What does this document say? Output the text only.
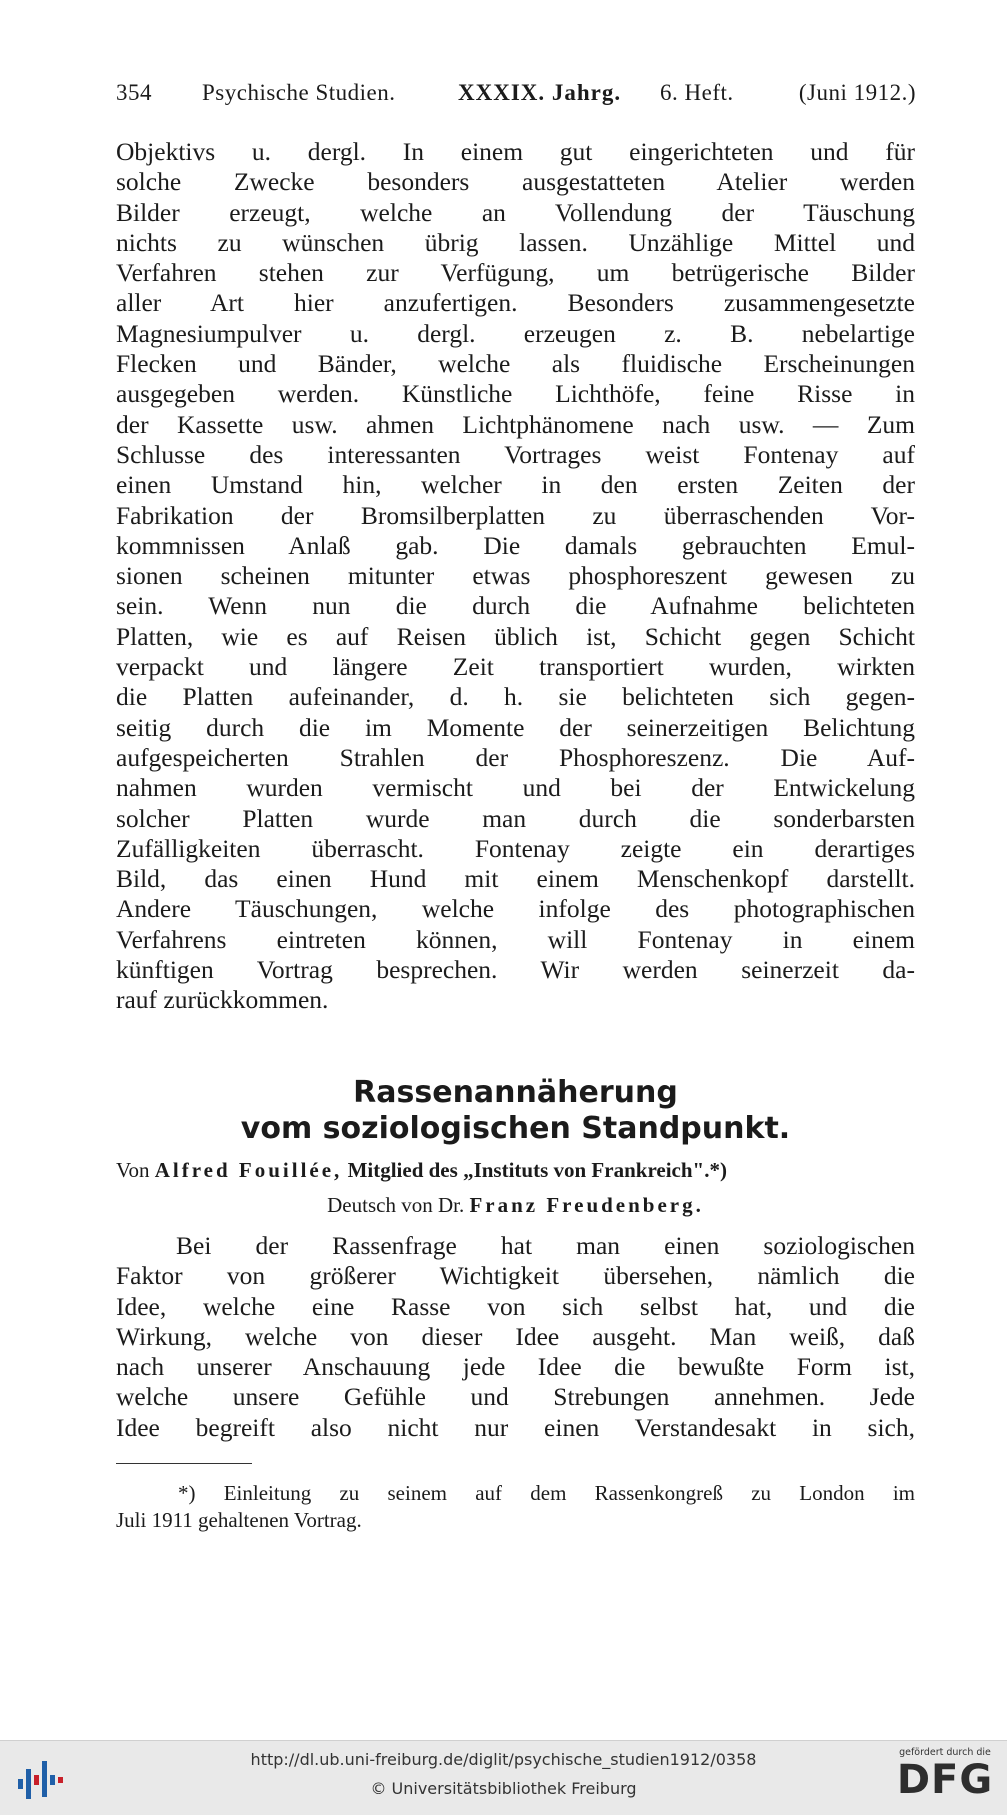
354 Psychische Studien.	XXXIX. Jahrg. 6. Heft.	(Juni 1912.)
Objektivs u. dergl. In einem gut eingerichteten und für
solche Zwecke besonders ausgestatteten Atelier werden
Bilder erzeugt, welche an Vollendung der Täuschung
nichts zu wünschen übrig lassen. Unzählige Mittel und
Verfahren stehen zur Verfügung, um betrügerische Bilder
aller Art hier anzufertigen. Besonders zusammengesetzte
Magnesiumpulver u. dergl. erzeugen z. B. nebelartige
Flecken und Bänder, welche als fluidische Erscheinungen
ausgegeben werden. Künstliche Lichthöfe, feine Risse in
der Kassette usw. ahmen Lichtphänomene nach usw. — Zum
Schlusse des interessanten Vortrages weist Fontenay auf
einen Umstand hin, welcher in den ersten Zeiten der
Fabrikation der Bromsilberplatten zu überraschenden Vor-
kommnissen Anlaß gab. Die damals gebrauchten Emul-
sionen scheinen mitunter etwas phosphoreszent gewesen zu
sein. Wenn nun die durch die Aufnahme belichteten
Platten, wie es auf Reisen üblich ist, Schicht gegen Schicht
verpackt und längere Zeit transportiert wurden, wirkten
die Platten aufeinander, d. h. sie belichteten sich gegen-
seitig durch die im Momente der seinerzeitigen Belichtung
aufgespeicherten Strahlen der Phosphoreszenz. Die Auf-
nahmen wurden vermischt und bei der Entwickelung
solcher Platten wurde man durch die sonderbarsten
Zufälligkeiten überrascht. Fontenay zeigte ein derartiges
Bild, das einen Hund mit einem Menschenkopf darstellt.
Andere Täuschungen, welche infolge des photographischen
Verfahrens eintreten können, will Fontenay in einem
künftigen Vortrag besprechen. Wir werden seinerzeit da-
rauf zurückkommen.
Rassenannäherung
vom soziologischen Standpunkt.
Von Alfred Fouillée, Mitglied des „Instituts von Frankreich".*)
Deutsch von Dr. Franz Freudenberg.
Bei der Rassenfrage hat man einen soziologischen
Faktor von größerer Wichtigkeit übersehen, nämlich die
Idee, welche eine Rasse von sich selbst hat, und die
Wirkung, welche von dieser Idee ausgeht. Man weiß, daß
nach unserer Anschauung jede Idee die bewußte Form ist,
welche unsere Gefühle und Strebungen annehmen. Jede
Idee begreift also nicht nur einen Verstandesakt in sich,
*) Einleitung zu seinem auf dem Rassenkongreß zu London im
Juli 1911 gehaltenen Vortrag.
http://dl.ub.uni-freiburg.de/diglit/psychische_studien1912/0358
© Universitätsbibliothek Freiburg
gefördert durch die
DFG
